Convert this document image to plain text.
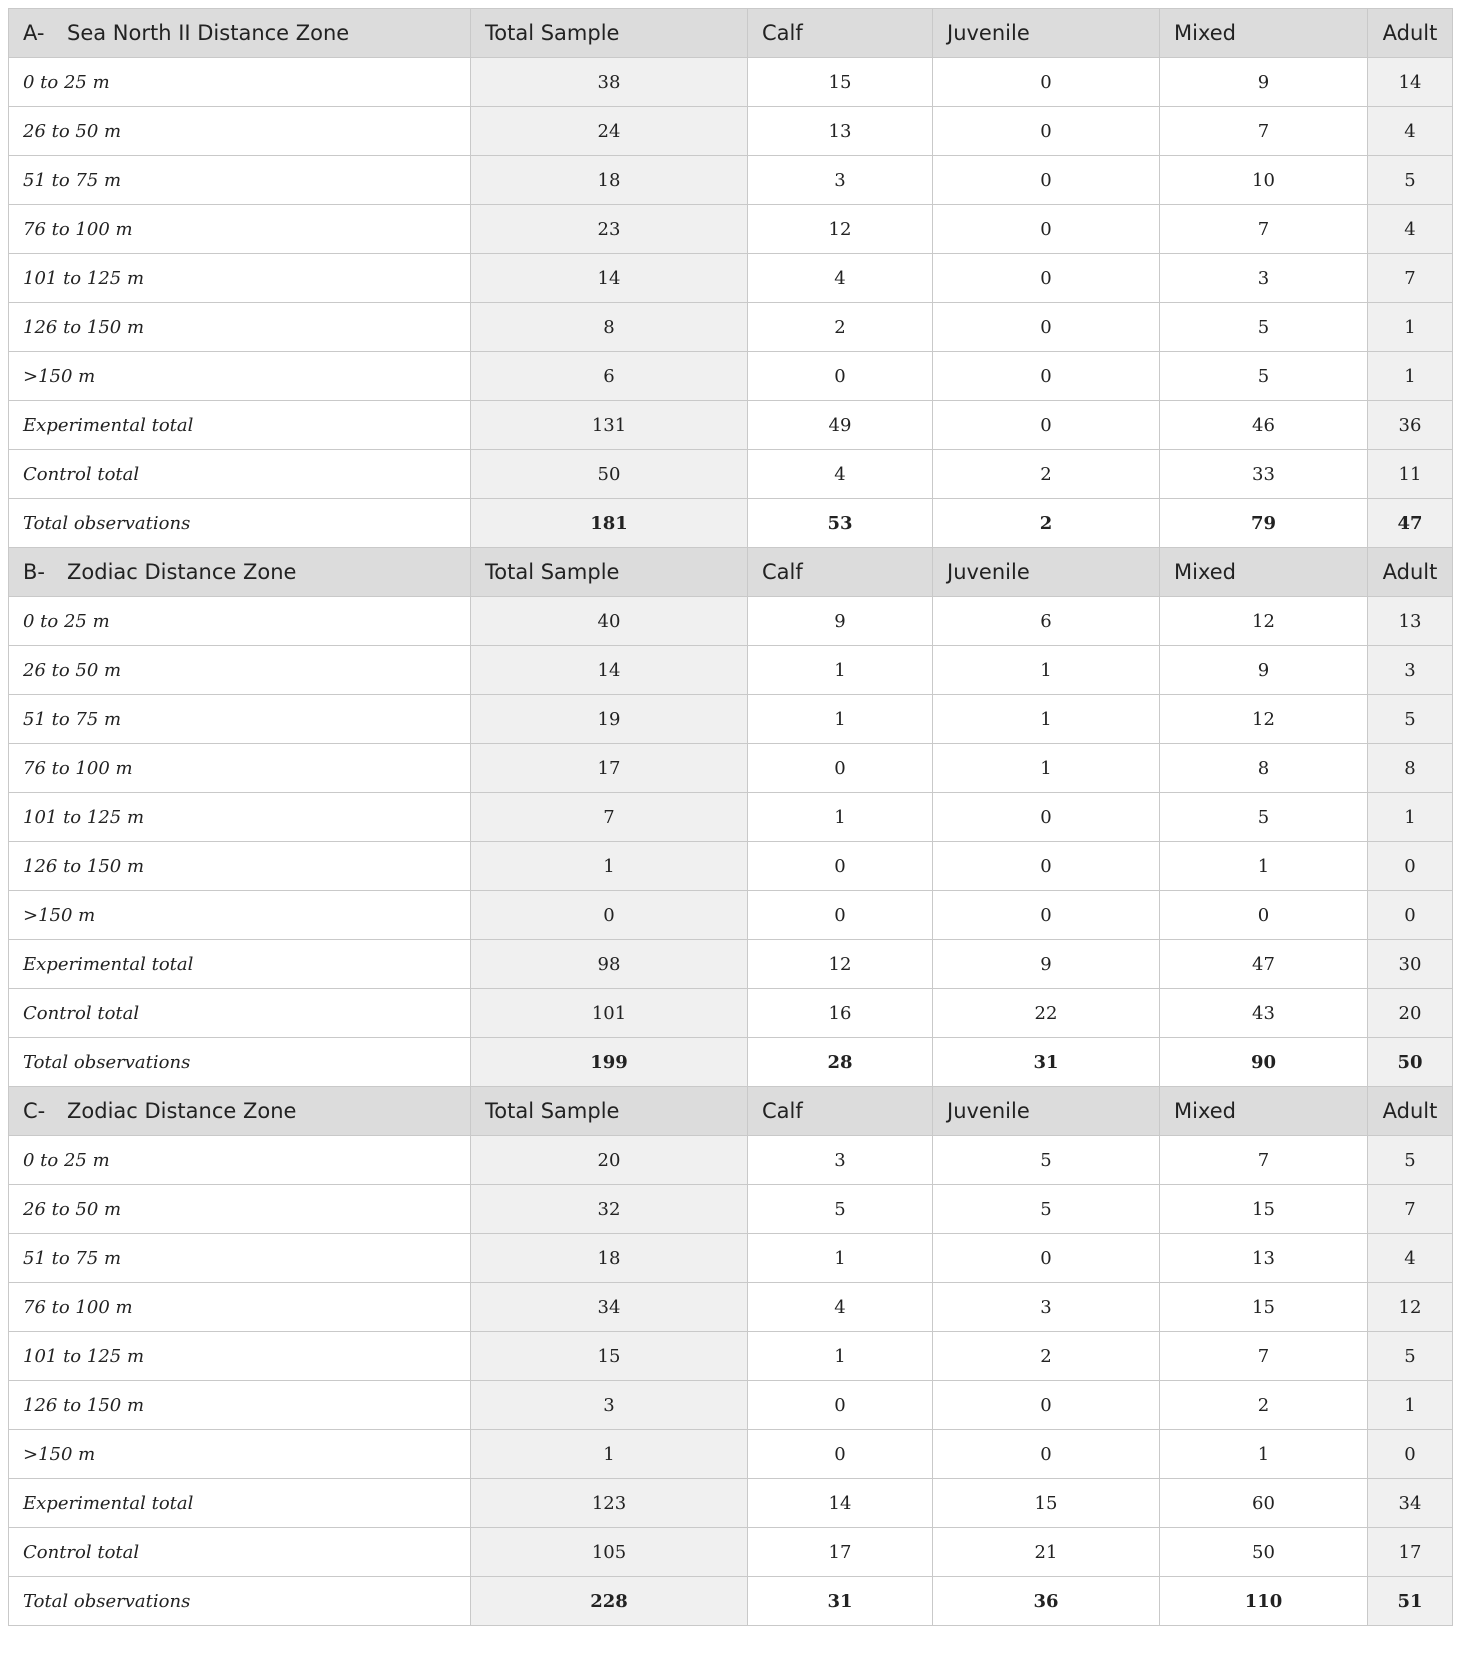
A- Sea North II Distance Zone	Total Sample	Calf	Juvenile	Mixed	Adult
0 to 25 m	38	15	0	9	14
26 to 50 m	24	13	0	7	4
51 to 75 m	18	3	0	10	5
76 to 100 m	23	12	0	7	4
101 to 125 m	14	4	0	3	7
126 to 150 m	8	2	0	5	1
>150 m	6	0	0	5	1
Experimental total	131	49	0	46	36
Control total	50	4	2	33	11
Total observations	181	53	2	79	47
B- Zodiac Distance Zone	Total Sample	Calf	Juvenile	Mixed	Adult
0 to 25 m	40	9	6	12	13
26 to 50 m	14	1	1	9	3
51 to 75 m	19	1	1	12	5
76 to 100 m	17	0	1	8	8
101 to 125 m	7	1	0	5	1
126 to 150 m	1	0	0	1	0
>150 m	0	0	0	0	0
Experimental total	98	12	9	47	30
Control total	101	16	22	43	20
Total observations	199	28	31	90	50
C- Zodiac Distance Zone	Total Sample	Calf	Juvenile	Mixed	Adult
0 to 25 m	20	3	5	7	5
26 to 50 m	32	5	5	15	7
51 to 75 m	18	1	0	13	4
76 to 100 m	34	4	3	15	12
101 to 125 m	15	1	2	7	5
126 to 150 m	3	0	0	2	1
>150 m	1	0	0	1	0
Experimental total	123	14	15	60	34
Control total	105	17	21	50	17
Total observations	228	31	36	110	51
